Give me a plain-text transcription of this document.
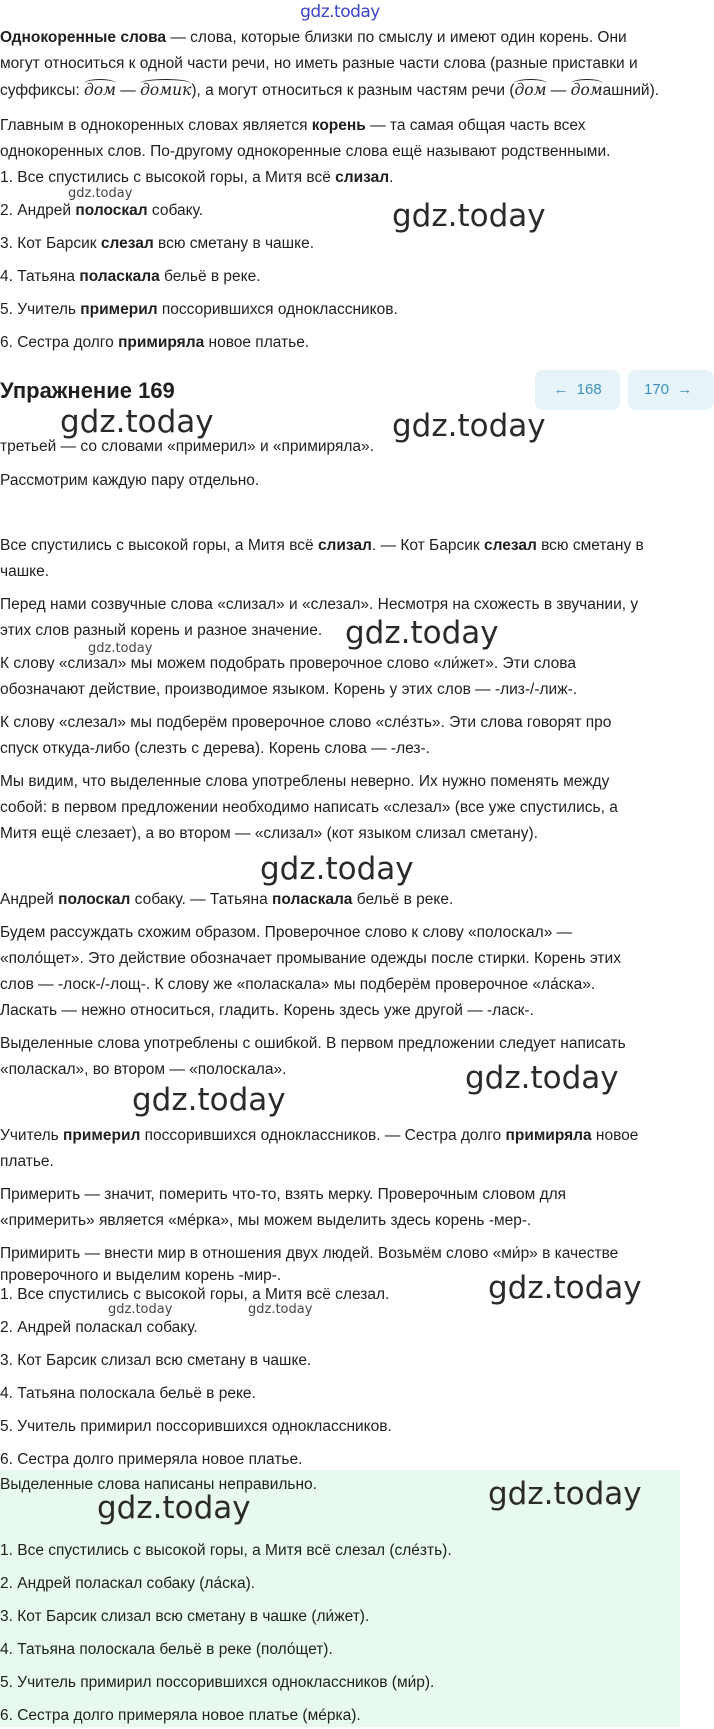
gdz.today
Однокоренные слова — слова, которые близки по смыслу и имеют один корень. Они
могут относиться к одной части речи, но иметь разные части слова (разные приставки и
суффиксы: дом — домик), а могут относиться к разным частям речи (дом — домашний).
Главным в однокоренных словах является корень — та самая общая часть всех
однокоренных слов. По-другому однокоренные слова ещё называют родственными.
1. Все спустились с высокой горы, а Митя всё слизал.
2. Андрей полоскал собаку.
3. Кот Барсик слезал всю сметану в чашке.
4. Татьяна поласкала бельё в реке.
5. Учитель примерил поссорившихся одноклассников.
6. Сестра долго примиряла новое платье.
Упражнение 169	← 168	170 →
третьей — со словами «примерил» и «примиряла».
Рассмотрим каждую пару отдельно.
Все спустились с высокой горы, а Митя всё слизал. — Кот Барсик слезал всю сметану в
чашке.
Перед нами созвучные слова «слизал» и «слезал». Несмотря на схожесть в звучании, у
этих слов разный корень и разное значение.
К слову «слизал» мы можем подобрать проверочное слово «ли́жет». Эти слова
обозначают действие, производимое языком. Корень у этих слов — -лиз-/-лиж-.
К слову «слезал» мы подберём проверочное слово «слéзть». Эти слова говорят про
спуск откуда-либо (слезть с дерева). Корень слова — -лез-.
Мы видим, что выделенные слова употреблены неверно. Их нужно поменять между
собой: в первом предложении необходимо написать «слезал» (все уже спустились, а
Митя ещё слезает), а во втором — «слизал» (кот языком слизал сметану).
Андрей полоскал собаку. — Татьяна поласкала бельё в реке.
Будем рассуждать схожим образом. Проверочное слово к слову «полоскал» —
«поло́щет». Это действие обозначает промывание одежды после стирки. Корень этих
слов — -лоск-/-лощ-. К слову же «поласкала» мы подберём проверочное «ла́ска».
Ласкать — нежно относиться, гладить. Корень здесь уже другой — -ласк-.
Выделенные слова употреблены с ошибкой. В первом предложении следует написать
«поласкал», во втором — «полоскала».
Учитель примерил поссорившихся одноклассников. — Сестра долго примиряла новое
платье.
Примерить — значит, померить что-то, взять мерку. Проверочным словом для
«примерить» является «мéрка», мы можем выделить здесь корень -мер-.
Примирить — внести мир в отношения двух людей. Возьмём слово «ми́р» в качестве
проверочного и выделим корень -мир-.
1. Все спустились с высокой горы, а Митя всё слезал.
2. Андрей поласкал собаку.
3. Кот Барсик слизал всю сметану в чашке.
4. Татьяна полоскала бельё в реке.
5. Учитель примирил поссорившихся одноклассников.
6. Сестра долго примеряла новое платье.
Выделенные слова написаны неправильно.
1. Все спустились с высокой горы, а Митя всё слезал (слéзть).
2. Андрей поласкал собаку (ла́ска).
3. Кот Барсик слизал всю сметану в чашке (ли́жет).
4. Татьяна полоскала бельё в реке (поло́щет).
5. Учитель примирил поссорившихся одноклассников (ми́р).
6. Сестра долго примеряла новое платье (мéрка).
gdz.today
gdz.today
gdz.today	gdz.today
gdz.today
gdz.today
gdz.today
gdz.today
gdz.today
gdz.today
gdz.today	gdz.today
gdz.today
gdz.today
